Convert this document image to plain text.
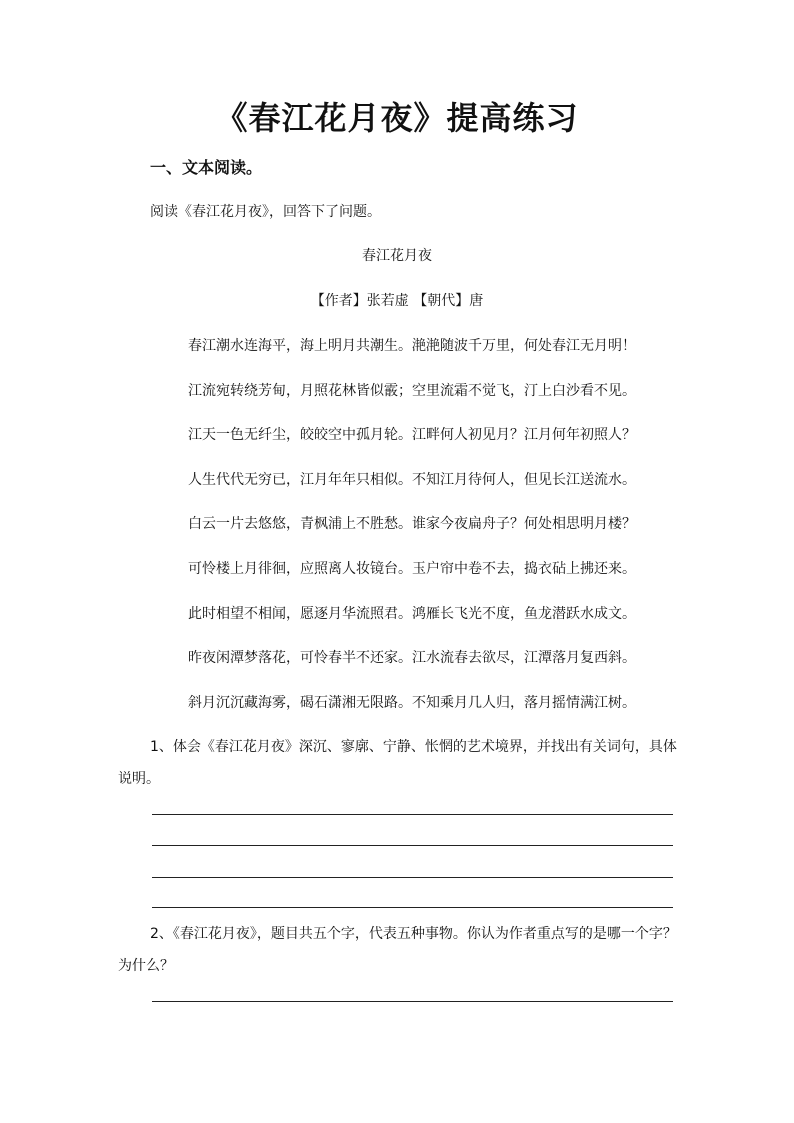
《春江花月夜》提高练习
一、文本阅读。
阅读《春江花月夜》，回答下了问题。
春江花月夜
【作者】张若虚 【朝代】唐
春江潮水连海平，海上明月共潮生。滟滟随波千万里，何处春江无月明！
江流宛转绕芳甸，月照花林皆似霰；空里流霜不觉飞，汀上白沙看不见。
江天一色无纤尘，皎皎空中孤月轮。江畔何人初见月？江月何年初照人？
人生代代无穷已，江月年年只相似。不知江月待何人，但见长江送流水。
白云一片去悠悠，青枫浦上不胜愁。谁家今夜扁舟子？何处相思明月楼？
可怜楼上月徘徊，应照离人妆镜台。玉户帘中卷不去，捣衣砧上拂还来。
此时相望不相闻，愿逐月华流照君。鸿雁长飞光不度，鱼龙潜跃水成文。
昨夜闲潭梦落花，可怜春半不还家。江水流春去欲尽，江潭落月复西斜。
斜月沉沉藏海雾，碣石潇湘无限路。不知乘月几人归，落月摇情满江树。
1、体会《春江花月夜》深沉、寥廓、宁静、怅惘的艺术境界，并找出有关词句，具体说明。
2、《春江花月夜》，题目共五个字，代表五种事物。你认为作者重点写的是哪一个字？为什么？
